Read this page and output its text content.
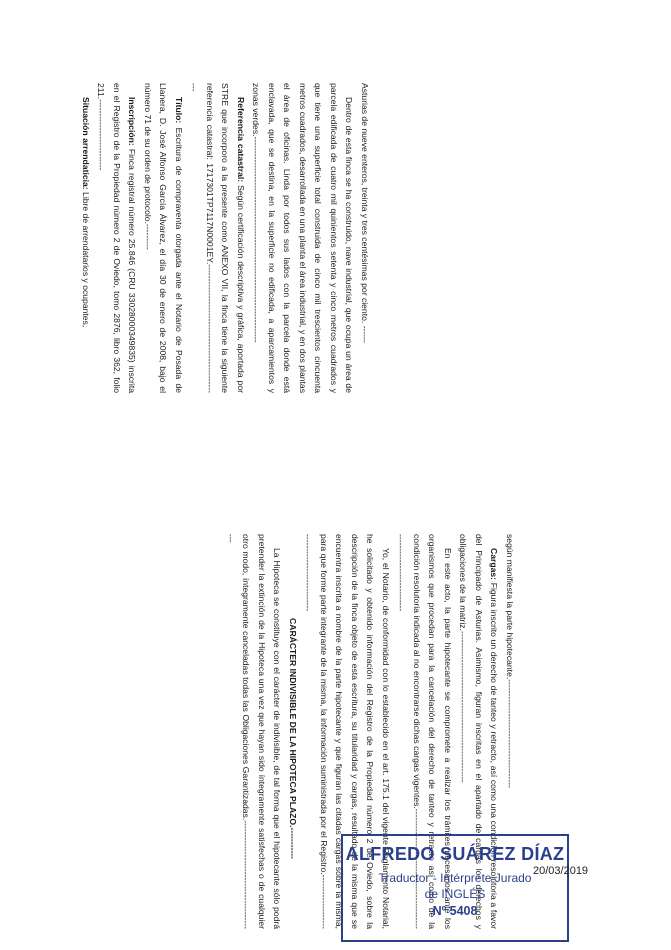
Asturias de nueve enteros, treinta y tres centésimas por ciento. ------

Dentro de esta finca se ha construido, nave industrial, que ocupa un área de parcela edificada de cuatro mil quinientos setenta y cinco metros cuadrados y que tiene una superficie total construida de cinco mil trescientos cincuenta metros cuadrados, desarrollada en una planta el área industrial, y en dos plantas el área de oficinas. Linda por todos sus lados con la parcela donde está enclavada, que se destina, en la superficie no edificada, a aparcamientos y zonas verdes.------------------------------------------------------------------------

Referencia catastral: Según certificación descriptiva y gráfica, aportada por STRE que incorporo a la presente como ANEXO VII, la finca tiene la siguiente referencia catastral: 1717301TP7117N0001EY.------------------------------------------------

Título: Escritura de compraventa otorgada ante el Notario de Posada de Llanera, D. José Alfonso García Álvarez, el día 30 de enero de 2008, bajo el número 71 de su orden de protocolo.---------

Inscripción: Finca registral número 25.846 (CRU 33028000349835) inscrita en el Registro de la Propiedad número 2 de Oviedo, tomo 2876, libro 362, folio 211.-------------------------

Situación arrendaticia: Libre de arrendatarios y ocupantes,

según manifiesta la parte hipotecante.--------------------------------------

Cargas: Figura inscrito un derecho de tanteo y retracto, así como una condición resolutoria a favor del Principado de Asturias. Asimismo, figuran inscritas en el apartado de cargas los derechos y obligaciones de la matriz.-----------------------------------------------------

En este acto, la parte hipotecante se compromete a realizar los trámites necesarios ante los organismos que procedan para la cancelación del derecho de tanteo y retracto así como de la condición resolutoria indicada al no encontrarse dichas cargas vigentes.---------------------------------------------------------------------

Yo, el Notario, de conformidad con lo establecido en el art. 175.1 del vigente Reglamento Notarial, he solicitado y obtenido información del Registro de la Propiedad número 2 de Oviedo, sobre la descripción de la finca objeto de esta escritura, su titularidad y cargas, resultado de la misma que se encuentra inscrita a nombre de la parte hipotecante y que figuran las citadas cargas sobre la misma, para que forme parte integrante de la misma, la información suministrada por el Registro.----------------------------------------------

CARÁCTER INDIVISIBLE DE LA HIPOTECA PLAZO.-----------

La Hipoteca se constituye con el carácter de indivisible, de tal forma que el hipotecante sólo podrá pretender la extinción de la Hipoteca una vez que hayan sido íntegramente satisfechas o de cualquier otro modo, íntegramente canceladas todas las Obligaciones Garantizadas.-----------------------------------------

ALFREDO SUÁREZ DÍAZ
Traductor - Intérprete Jurado
de INGLÉS
Nº 5408
20/03/2019
